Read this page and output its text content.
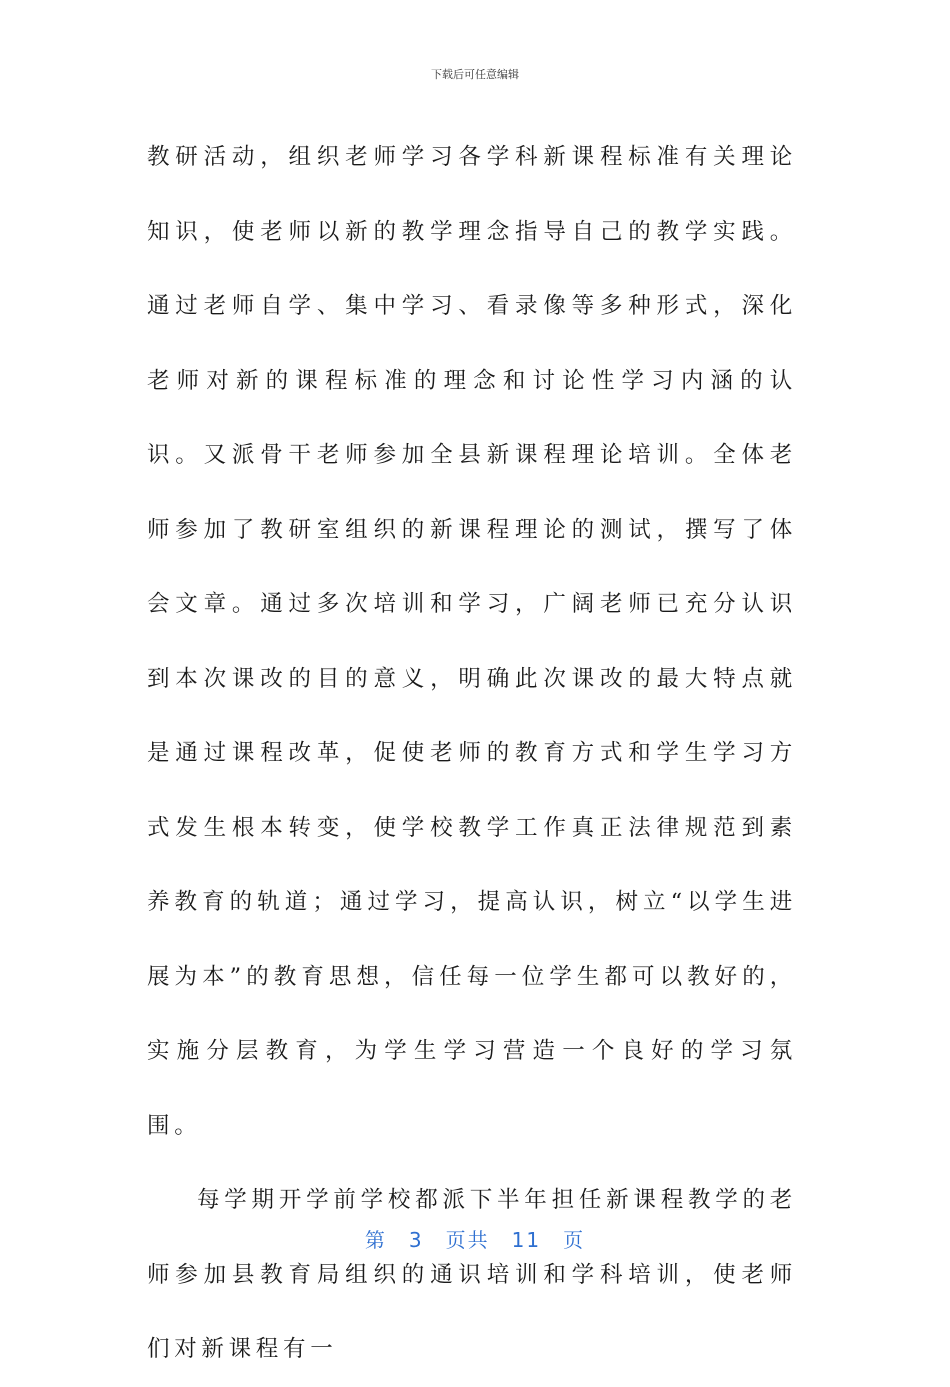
下载后可任意编辑

教研活动，组织老师学习各学科新课程标准有关理论知识，使老师以新的教学理念指导自己的教学实践。通过老师自学、集中学习、看录像等多种形式，深化老师对新的课程标准的理念和讨论性学习内涵的认识。又派骨干老师参加全县新课程理论培训。全体老师参加了教研室组织的新课程理论的测试，撰写了体会文章。通过多次培训和学习，广阔老师已充分认识到本次课改的目的意义，明确此次课改的最大特点就是通过课程改革，促使老师的教育方式和学生学习方式发生根本转变，使学校教学工作真正法律规范到素养教育的轨道；通过学习，提高认识，树立“以学生进展为本”的教育思想，信任每一位学生都可以教好的，实施分层教育，为学生学习营造一个良好的学习氛围。

每学期开学前学校都派下半年担任新课程教学的老师参加县教育局组织的通识培训和学科培训，使老师们对新课程有一

第 3 页共 11 页
